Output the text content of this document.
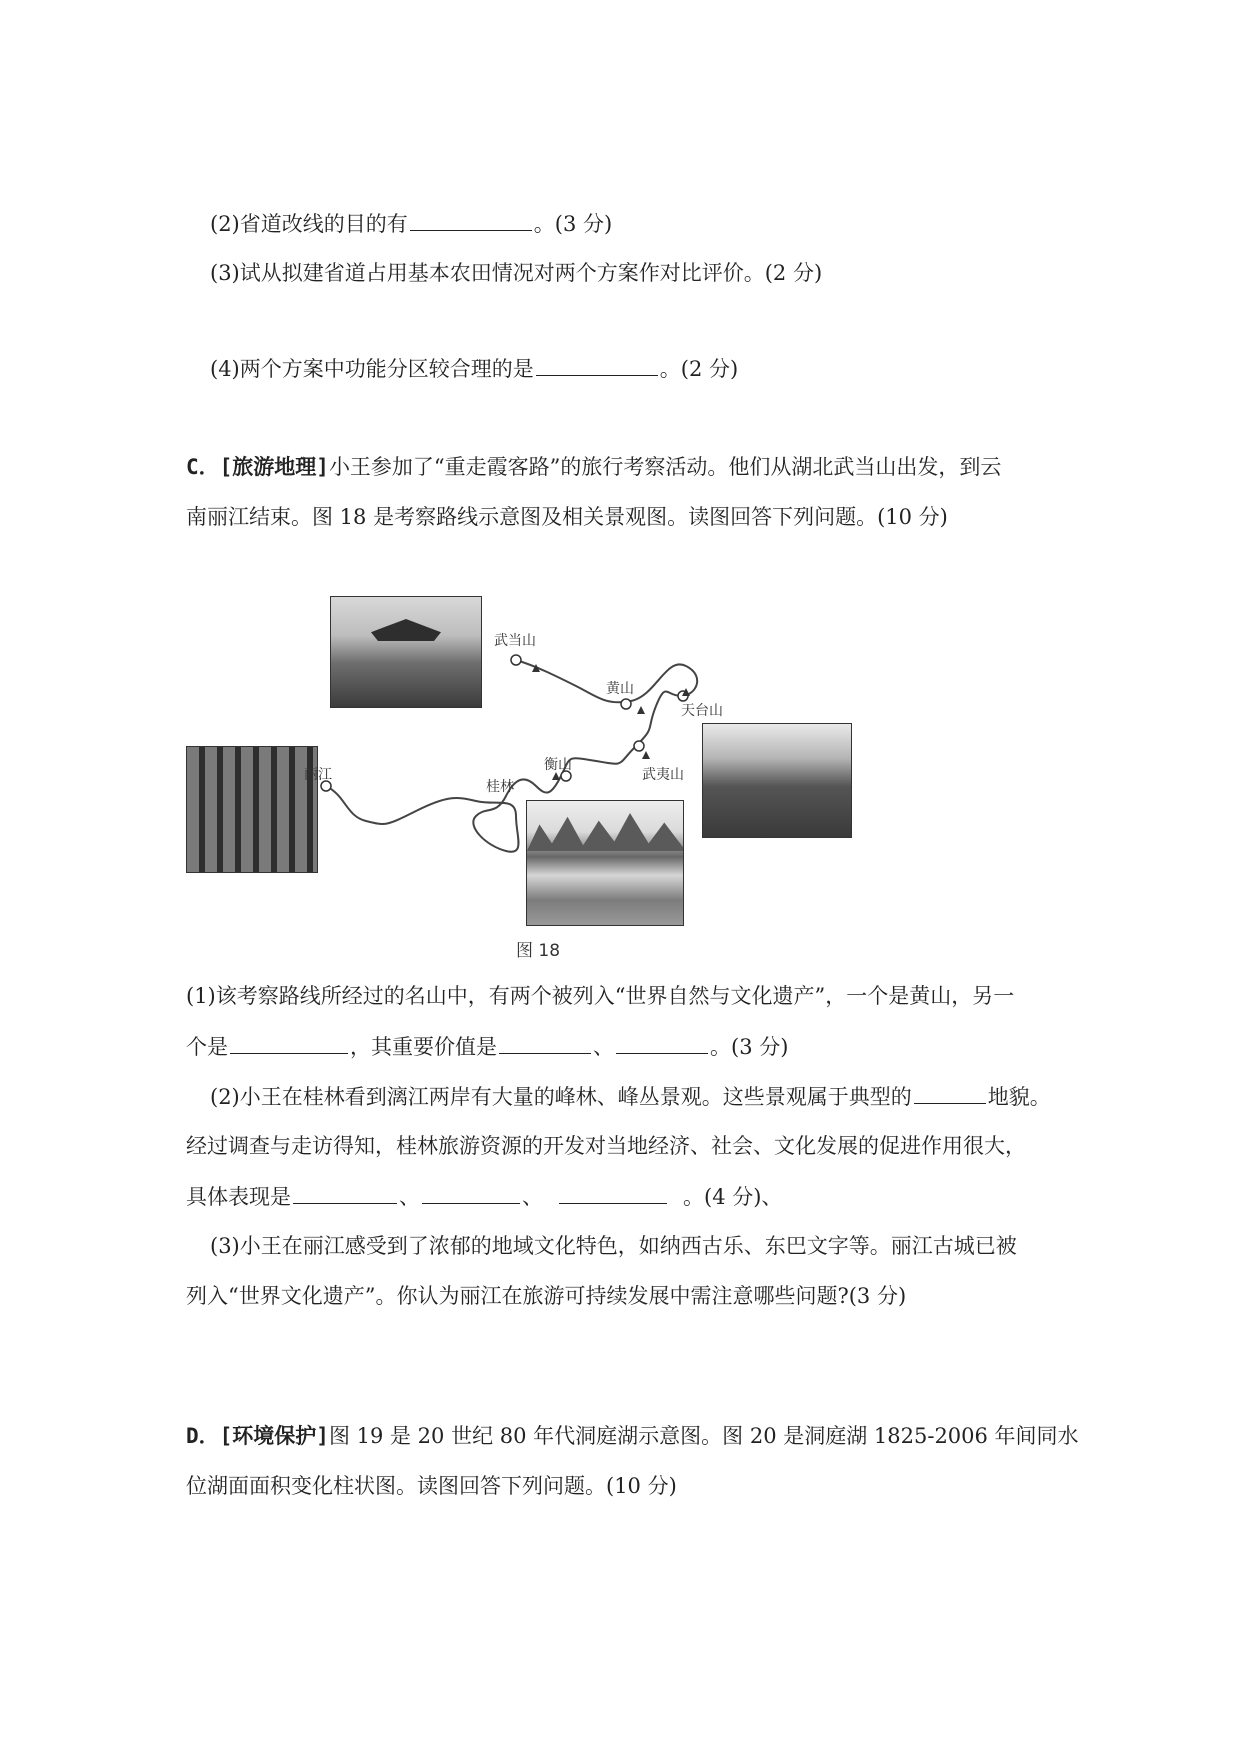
(2)省道改线的目的有	。(3 分)
(3)试从拟建省道占用基本农田情况对两个方案作对比评价。(2 分)
(4)两个方案中功能分区较合理的是	。(2 分)
C．[旅游地理]小王参加了“重走霞客路”的旅行考察活动。他们从湖北武当山出发，到云
南丽江结束。图 18 是考察路线示意图及相关景观图。读图回答下列问题。(10 分)
武当山
黄山
天台山
丽江
衡山
桂林
武夷山
图 18
(1)该考察路线所经过的名山中，有两个被列入“世界自然与文化遗产”，一个是黄山，另一
个是	，其重要价值是	、	。(3 分)
(2)小王在桂林看到漓江两岸有大量的峰林、峰丛景观。这些景观属于典型的	地貌。
经过调查与走访得知，桂林旅游资源的开发对当地经济、社会、文化发展的促进作用很大，
具体表现是	、	、	。(4 分)、
(3)小王在丽江感受到了浓郁的地域文化特色，如纳西古乐、东巴文字等。丽江古城已被
列入“世界文化遗产”。你认为丽江在旅游可持续发展中需注意哪些问题?(3 分)
D．[环境保护]图 19 是 20 世纪 80 年代洞庭湖示意图。图 20 是洞庭湖 1825-2006 年间同水
位湖面面积变化柱状图。读图回答下列问题。(10 分)
